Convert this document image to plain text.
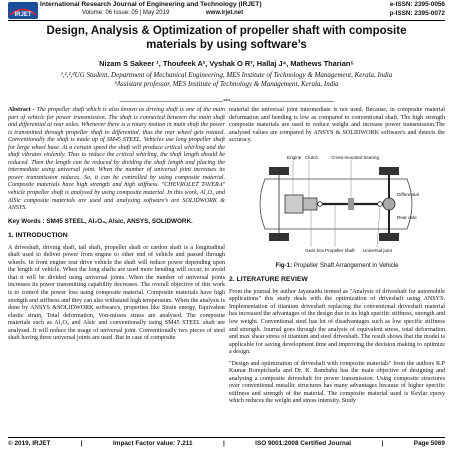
IRJET
International Research Journal of Engineering and Technology (IRJET)
Volume: 06 Issue: 05 | May 2019	www.irjet.net
e-ISSN: 2395-0056
p-ISSN: 2395-0072
Design, Analysis & Optimization of propeller shaft with composite materials by using software’s
Nizam S Sakeer ¹, Thoufeek A², Vyshak O R³, Hallaj J⁴, Mathews Tharian⁵
¹,²,³,⁴UG Student, Department of Mechanical Engineering, MES Institute of Technology & Management, Kerala, India
⁵Assistant professor, MES Institute of Technology & Management, Kerala, India
---------------------------------------------------------------------***---------------------------------------------------------------------
Abstract - The propeller shaft which is also known as driving shaft is one of the main part of vehicle for power transmission. The shaft is connected between the main shaft and differential at rear axles. Whenever there is a rotary motion in main shaft the power is transmitted through propeller shaft to differential, thus the rear wheel gets rotated. Conventionally the shaft is made up of SM45 STEEL. Vehicles use long propeller shaft for large wheel base. At a certain speed the shaft will produce critical whirling and the shaft vibrates violently. Thus to reduce the critical whirling, the shaft length should be reduced. Then the length can be reduced by dividing the shaft length and placing the intermediate using universal joint. When the number of universal joint increases its power transmission reduces. So, it can be controlled by using composite material. Composite materials have high strength and high stiffness. "CHEVROLET TAVERA" vehicle propeller shaft is analysed by using composite material. In this work, Al₂O₃ and AlSic composite materials are used and analysing software's are SOLIDWORK & ANSYS.
Key Words : SM45 STEEL, Al₂O₃, Alsic, ANSYS, SOLIDWORK.
1. INTRODUCTION

A driveshaft, driving shaft, tail shaft, propeller shaft or cardon shaft is a longitudinal shaft used to deliver power from engine to other end of vehicle and passed through wheels. In front engine rear drive vehicle the shaft will reduce power depending upon the length of vehicle. When the long shafts are used more bending will occur, to avoid that it will be divided using universal joints. When the number of universal joints increases its power transmitting capability decreases. The overall objective of this work is to control the power loss using composite material. Composite materials have high strength and stiffness and they can also withstand high temperature. When the analysis is done by ANSYS &SOLIDWORK software's, properties like Strain energy, Equivalent elastic strain, Total deformation, Von-misses stress are analysed. The composite materials such as Al₂O₃ and Alsic and conventionally using SM45 STEEL shaft are analysed. It will reduce the usage of universal joint. Conventionally two pieces of steel shaft having three universal joints are used .But in case of composite

material the universal joint intermediate is not used. Because, in composite material deformation and bending is low as compared to conventional shaft. The high strength composite materials are used to reduce weight and increase power transmission.The analysed values are compared by ANSYS & SOLIDWORK software's and detects the accuracy.

Engine Clutch
Gear box Propeller shaft
Cross-mounted bearing
Universal joint
Differential
Rear axle
Fig-1: Propeller Shaft Arrangement in Vehicle
2. LITERATURE REVIEW

From the journal by author Jayanaidu termed as "Analysis of driveshaft for automobile applications" this study deals with the optimization of driveshaft using ANSYS. Implementation of titanium driveshaft replacing the conventional driveshaft material has increased the advantages of the design due to its high specific stiffness, strength and low weight. Conventional steel has lot of disadvantages such as low specific stiffness and strength. Journal goes through the analysis of equivalent stress, total deformation and max shear stress of titanium and steel driveshaft. The result shows that the model is applicable for saving development time and improving the decision making to optimize a design.

"Design and optimization of driveshaft with composite materials" from the authors R.P Kumar Rompicharla and Dr. K. Rambabu has the main objective of designing and analysing a composite driveshaft for power transmission. Using composite structures over conventional metallic structures has many advantages because of higher specific stiffness and strength of the material. The composite material used is Kevlar epoxy which reduces the weight and stress intensity. Study

© 2019, IRJET	|	Impact Factor value: 7.211	|	ISO 9001:2008 Certified Journal	|	Page 5069
